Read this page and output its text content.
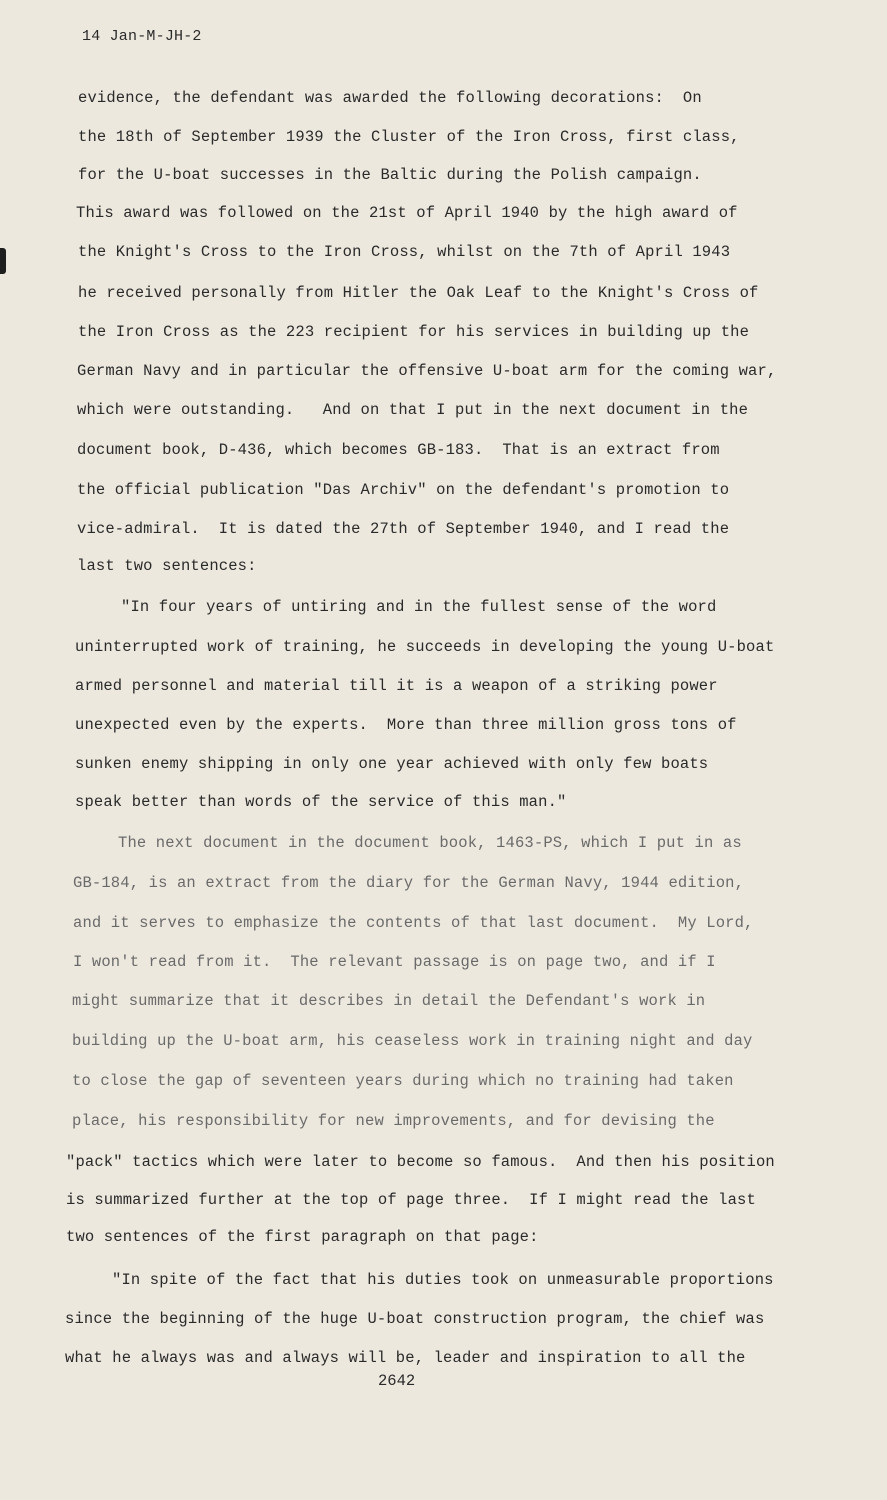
14 Jan-M-JH-2
evidence, the defendant was awarded the following decorations:  On
the 18th of September 1939 the Cluster of the Iron Cross, first class,
for the U-boat successes in the Baltic during the Polish campaign.
This award was followed on the 21st of April 1940 by the high award of
the Knight's Cross to the Iron Cross, whilst on the 7th of April 1943
he received personally from Hitler the Oak Leaf to the Knight's Cross of
the Iron Cross as the 223 recipient for his services in building up the
German Navy and in particular the offensive U-boat arm for the coming war,
which were outstanding.   And on that I put in the next document in the
document book, D-436, which becomes GB-183.  That is an extract from
the official publication "Das Archiv" on the defendant's promotion to
vice-admiral.  It is dated the 27th of September 1940, and I read the
last two sentences:
"In four years of untiring and in the fullest sense of the word
uninterrupted work of training, he succeeds in developing the young U-boat
armed personnel and material till it is a weapon of a striking power
unexpected even by the experts.  More than three million gross tons of
sunken enemy shipping in only one year achieved with only few boats
speak better than words of the service of this man."
The next document in the document book, 1463-PS, which I put in as
GB-184, is an extract from the diary for the German Navy, 1944 edition,
and it serves to emphasize the contents of that last document.  My Lord,
I won't read from it.  The relevant passage is on page two, and if I
might summarize that it describes in detail the Defendant's work in
building up the U-boat arm, his ceaseless work in training night and day
to close the gap of seventeen years during which no training had taken
place, his responsibility for new improvements, and for devising the
"pack" tactics which were later to become so famous.  And then his position
is summarized further at the top of page three.  If I might read the last
two sentences of the first paragraph on that page:
"In spite of the fact that his duties took on unmeasurable proportions
since the beginning of the huge U-boat construction program, the chief was
what he always was and always will be, leader and inspiration to all the
2642
